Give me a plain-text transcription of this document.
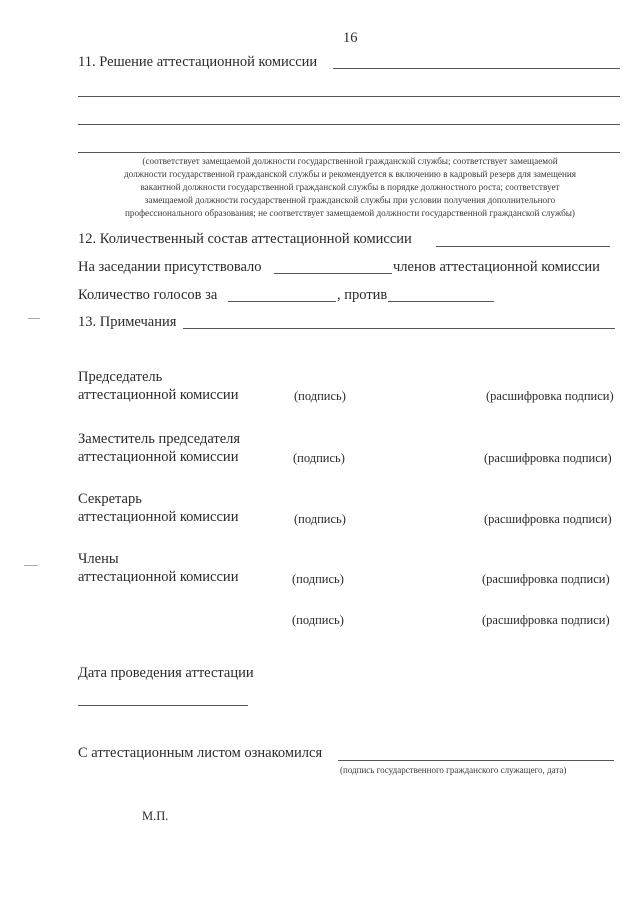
16
11. Решение аттестационной комиссии
(соответствует замещаемой должности государственной гражданской службы; соответствует замещаемой
должности государственной гражданской службы и рекомендуется к включению в кадровый резерв для замещения
вакантной должности государственной гражданской службы в порядке должностного роста; соответствует
замещаемой должности государственной гражданской службы при условии получения дополнительного
профессионального образования; не соответствует замещаемой должности государственной гражданской службы)
12. Количественный состав аттестационной комиссии
На заседании присутствовало	членов аттестационной комиссии
Количество голосов за	, против
13. Примечания
Председатель
аттестационной комиссии	(подпись)	(расшифровка подписи)
Заместитель председателя
аттестационной комиссии	(подпись)	(расшифровка подписи)
Секретарь
аттестационной комиссии	(подпись)	(расшифровка подписи)
Члены
аттестационной комиссии	(подпись)	(расшифровка подписи)
(подпись)	(расшифровка подписи)
Дата проведения аттестации
С аттестационным листом ознакомился
(подпись государственного гражданского служащего, дата)
М.П.
